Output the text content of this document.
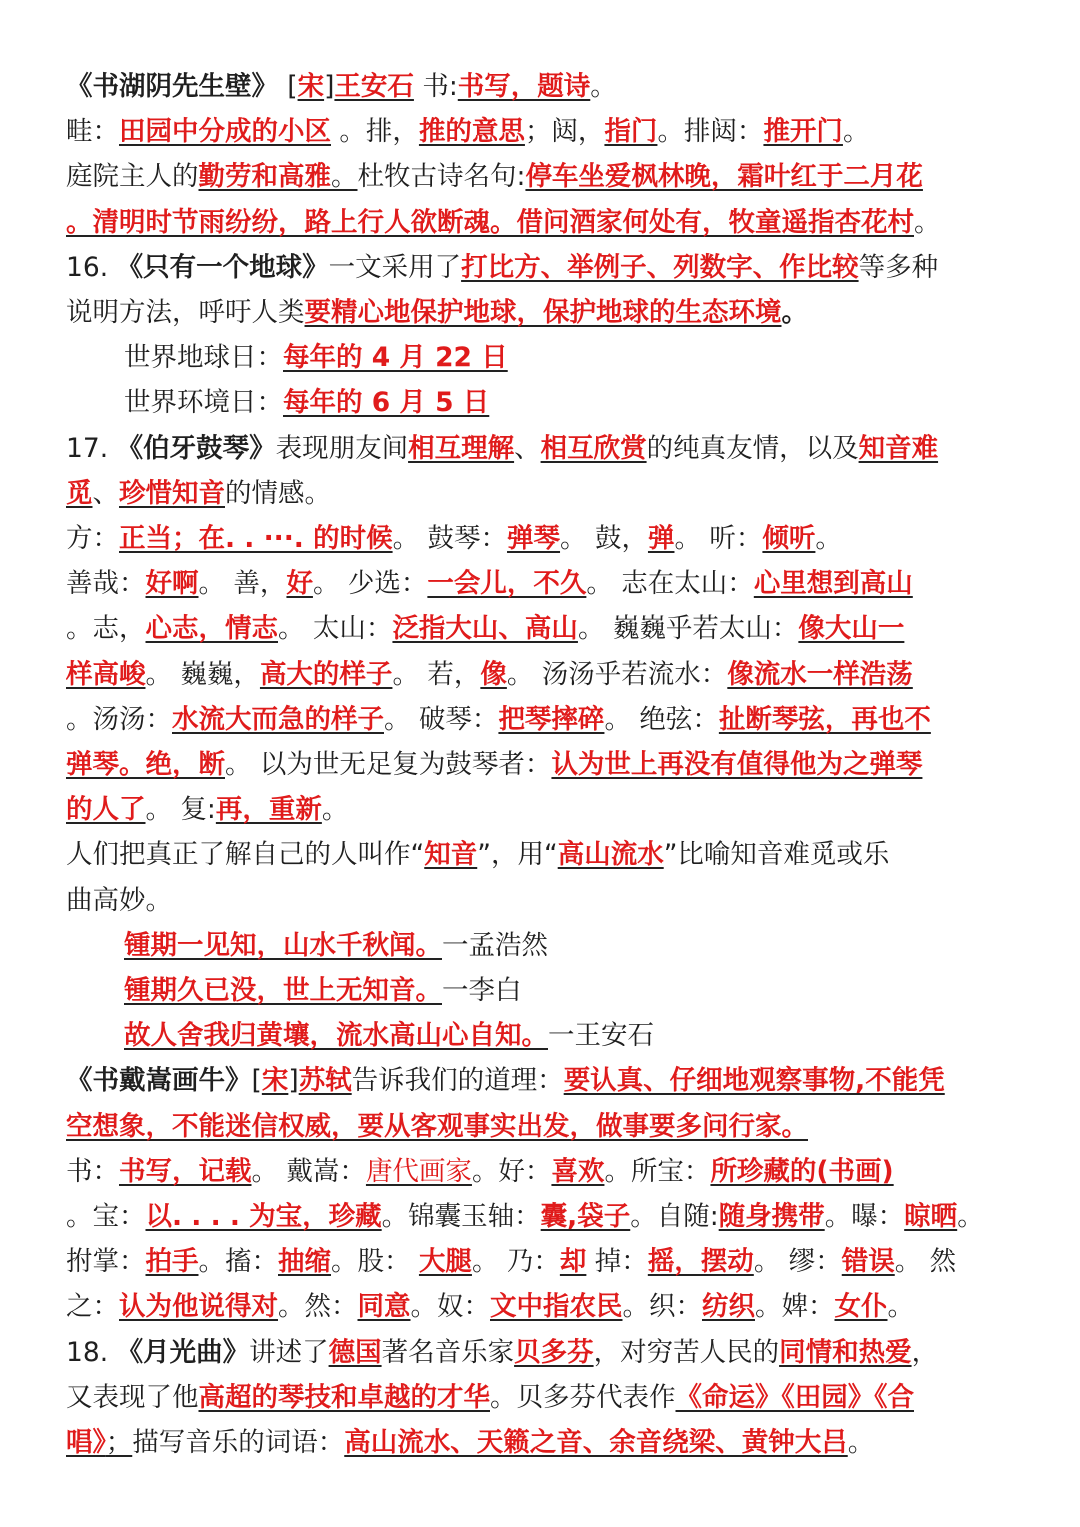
《书湖阴先生壁》 [宋]王安石 书:书写，题诗。
畦：田园中分成的小区 。排，推的意思；闼，指门。排闼：推开门。
庭院主人的勤劳和高雅。杜牧古诗名句:停车坐爱枫林晚，霜叶红于二月花
。清明时节雨纷纷，路上行人欲断魂。借问酒家何处有，牧童遥指杏花村。
16. 《只有一个地球》一文采用了打比方、举例子、列数字、作比较等多种
说明方法，呼吁人类要精心地保护地球，保护地球的生态环境。
世界地球日：每年的 4 月 22 日
世界环境日：每年的 6 月 5 日
17. 《伯牙鼓琴》表现朋友间相互理解、相互欣赏的纯真友情，以及知音难
觅、珍惜知音的情感。
方：正当；在. . ···. 的时候。 鼓琴：弹琴。 鼓，弹。 听：倾听。
善哉：好啊。 善，好。 少选：一会儿，不久。 志在太山：心里想到高山
。志，心志，情志。 太山：泛指大山、高山。 巍巍乎若太山：像大山一
样高峻。 巍巍，高大的样子。 若，像。 汤汤乎若流水：像流水一样浩荡
。汤汤：水流大而急的样子。 破琴：把琴摔碎。 绝弦：扯断琴弦，再也不
弹琴。绝，断。 以为世无足复为鼓琴者：认为世上再没有值得他为之弹琴
的人了。 复:再，重新。
人们把真正了解自己的人叫作“知音”，用“高山流水”比喻知音难觅或乐
曲高妙。
锺期一见知，山水千秋闻。一孟浩然
锺期久已没，世上无知音。一李白
故人舍我归黄壤，流水高山心自知。一王安石
《书戴嵩画牛》[宋]苏轼告诉我们的道理：要认真、仔细地观察事物,不能凭
空想象，不能迷信权威，要从客观事实出发，做事要多问行家。
书：书写，记载。 戴嵩：唐代画家。好：喜欢。所宝：所珍藏的(书画)
。宝：以. . . . 为宝，珍藏。锦囊玉轴：囊,袋子。自随:随身携带。曝：晾晒。
拊掌：拍手。搐：抽缩。股： 大腿。 乃：却 掉：摇，摆动。 缪：错误。 然
之：认为他说得对。然：同意。奴：文中指农民。织：纺织。婢：女仆。
18. 《月光曲》讲述了德国著名音乐家贝多芬，对穷苦人民的同情和热爱，
又表现了他高超的琴技和卓越的才华。贝多芬代表作《命运》《田园》《合
唱》；描写音乐的词语：高山流水、天籁之音、余音绕梁、黄钟大吕。
